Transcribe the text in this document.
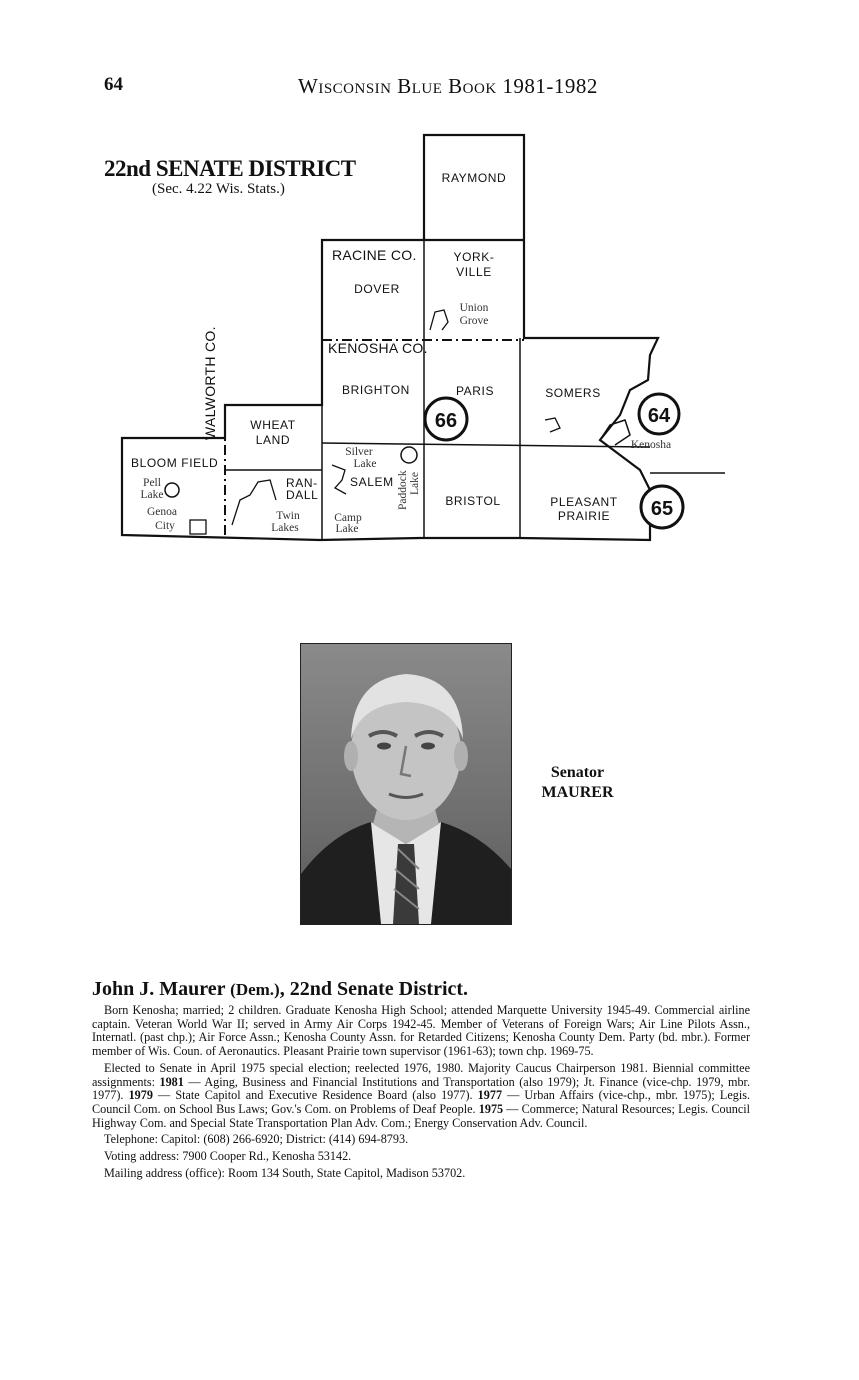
64	Wisconsin Blue Book 1981-1982
66	64
65
RACINE CO.
KENOSHA CO.
WALWORTH CO.
RAYMOND
YORK-
VILLE
DOVER
BRIGHTON	PARIS	SOMERS
WHEAT
LAND
BLOOM FIELD
RAN-
DALL
SALEM
BRISTOL	PLEASANT
PRAIRIE
Union
Grove
Silver
Lake
Paddock Lake
Camp
Lake
Twin
Lakes
Pell
Lake
Genoa
City
Kenosha
22nd SENATE DISTRICT
(Sec. 4.22 Wis. Stats.)
Senator
MAURER
John J. Maurer (Dem.), 22nd Senate District.

Born Kenosha; married; 2 children. Graduate Kenosha High School; attended Marquette University 1945-49. Commercial airline captain. Veteran World War II; served in Army Air Corps 1942-45. Member of Veterans of Foreign Wars; Air Line Pilots Assn., Internatl. (past chp.); Air Force Assn.; Kenosha County Assn. for Retarded Citizens; Kenosha County Dem. Party (bd. mbr.). Former member of Wis. Coun. of Aeronautics. Pleasant Prairie town supervisor (1961-63); town chp. 1969-75.

Elected to Senate in April 1975 special election; reelected 1976, 1980. Majority Caucus Chairperson 1981. Biennial committee assignments: 1981 — Aging, Business and Financial Institutions and Transportation (also 1979); Jt. Finance (vice-chp. 1979, mbr. 1977). 1979 — State Capitol and Executive Residence Board (also 1977). 1977 — Urban Affairs (vice-chp., mbr. 1975); Legis. Council Com. on School Bus Laws; Gov.'s Com. on Problems of Deaf People. 1975 — Commerce; Natural Resources; Legis. Council Highway Com. and Special State Transportation Plan Adv. Com.; Energy Conservation Adv. Council.

Telephone: Capitol: (608) 266-6920; District: (414) 694-8793.

Voting address: 7900 Cooper Rd., Kenosha 53142.

Mailing address (office): Room 134 South, State Capitol, Madison 53702.
